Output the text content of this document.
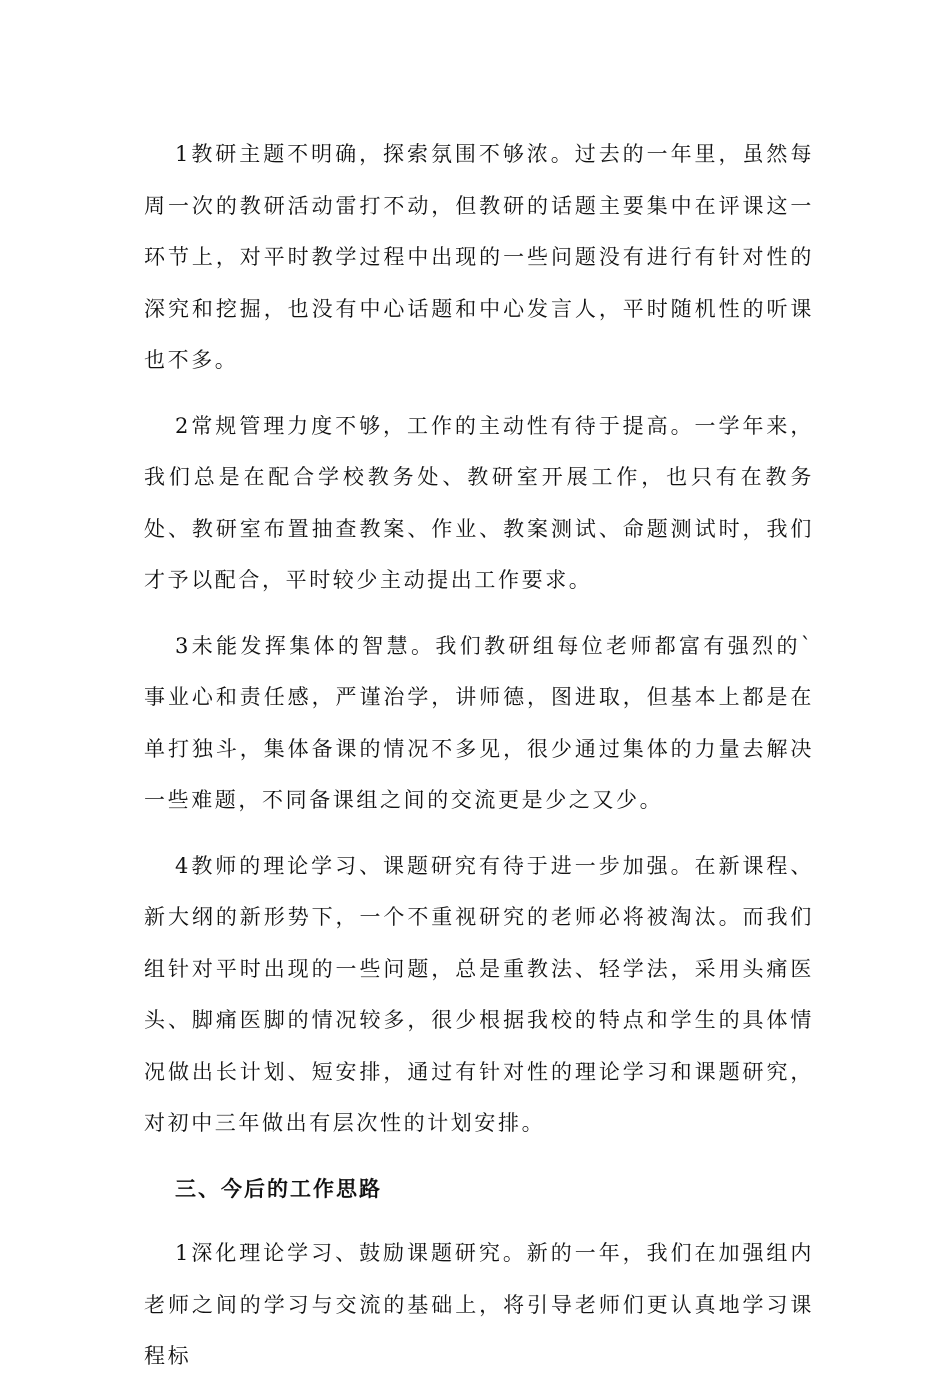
1教研主题不明确，探索氛围不够浓。过去的一年里，虽然每周一次的教研活动雷打不动，但教研的话题主要集中在评课这一环节上，对平时教学过程中出现的一些问题没有进行有针对性的深究和挖掘，也没有中心话题和中心发言人，平时随机性的听课也不多。

2常规管理力度不够，工作的主动性有待于提高。一学年来，我们总是在配合学校教务处、教研室开展工作，也只有在教务处、教研室布置抽查教案、作业、教案测试、命题测试时，我们才予以配合，平时较少主动提出工作要求。

3未能发挥集体的智慧。我们教研组每位老师都富有强烈的`事业心和责任感，严谨治学，讲师德，图进取，但基本上都是在单打独斗，集体备课的情况不多见，很少通过集体的力量去解决一些难题，不同备课组之间的交流更是少之又少。

4教师的理论学习、课题研究有待于进一步加强。在新课程、新大纲的新形势下，一个不重视研究的老师必将被淘汰。而我们组针对平时出现的一些问题，总是重教法、轻学法，采用头痛医头、脚痛医脚的情况较多，很少根据我校的特点和学生的具体情况做出长计划、短安排，通过有针对性的理论学习和课题研究，对初中三年做出有层次性的计划安排。

三、今后的工作思路

1深化理论学习、鼓励课题研究。新的一年，我们在加强组内老师之间的学习与交流的基础上，将引导老师们更认真地学习课程标
